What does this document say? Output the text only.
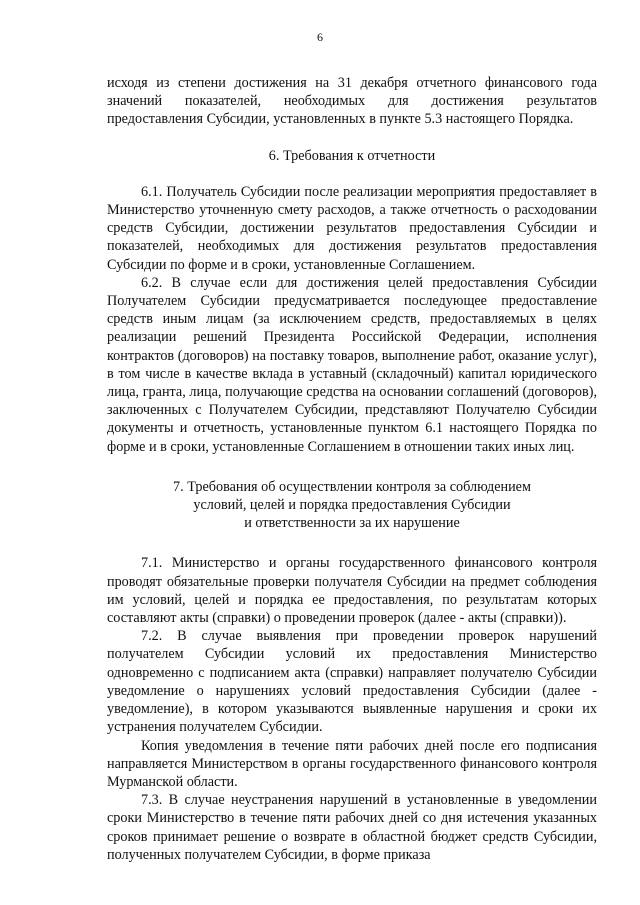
6

исходя из степени достижения на 31 декабря отчетного финансового года значений показателей, необходимых для достижения результатов предоставления Субсидии, установленных в пункте 5.3 настоящего Порядка.

6. Требования к отчетности

6.1. Получатель Субсидии после реализации мероприятия предоставляет в Министерство уточненную смету расходов, а также отчетность о расходовании средств Субсидии, достижении результатов предоставления Субсидии и показателей, необходимых для достижения результатов предоставления Субсидии по форме и в сроки, установленные Соглашением.

6.2. В случае если для достижения целей предоставления Субсидии Получателем Субсидии предусматривается последующее предоставление средств иным лицам (за исключением средств, предоставляемых в целях реализации решений Президента Российской Федерации, исполнения контрактов (договоров) на поставку товаров, выполнение работ, оказание услуг), в том числе в качестве вклада в уставный (складочный) капитал юридического лица, гранта, лица, получающие средства на основании соглашений (договоров), заключенных с Получателем Субсидии, представляют Получателю Субсидии документы и отчетность, установленные пунктом 6.1 настоящего Порядка по форме и в сроки, установленные Соглашением в отношении таких иных лиц.

7. Требования об осуществлении контроля за соблюдением
условий, целей и порядка предоставления Субсидии
и ответственности за их нарушение

7.1. Министерство и органы государственного финансового контроля проводят обязательные проверки получателя Субсидии на предмет соблюдения им условий, целей и порядка ее предоставления, по результатам которых составляют акты (справки) о проведении проверок (далее - акты (справки)).

7.2. В случае выявления при проведении проверок нарушений получателем Субсидии условий их предоставления Министерство одновременно с подписанием акта (справки) направляет получателю Субсидии уведомление о нарушениях условий предоставления Субсидии (далее - уведомление), в котором указываются выявленные нарушения и сроки их устранения получателем Субсидии.

Копия уведомления в течение пяти рабочих дней после его подписания направляется Министерством в органы государственного финансового контроля Мурманской области.

7.3. В случае неустранения нарушений в установленные в уведомлении сроки Министерство в течение пяти рабочих дней со дня истечения указанных сроков принимает решение о возврате в областной бюджет средств Субсидии, полученных получателем Субсидии, в форме приказа
